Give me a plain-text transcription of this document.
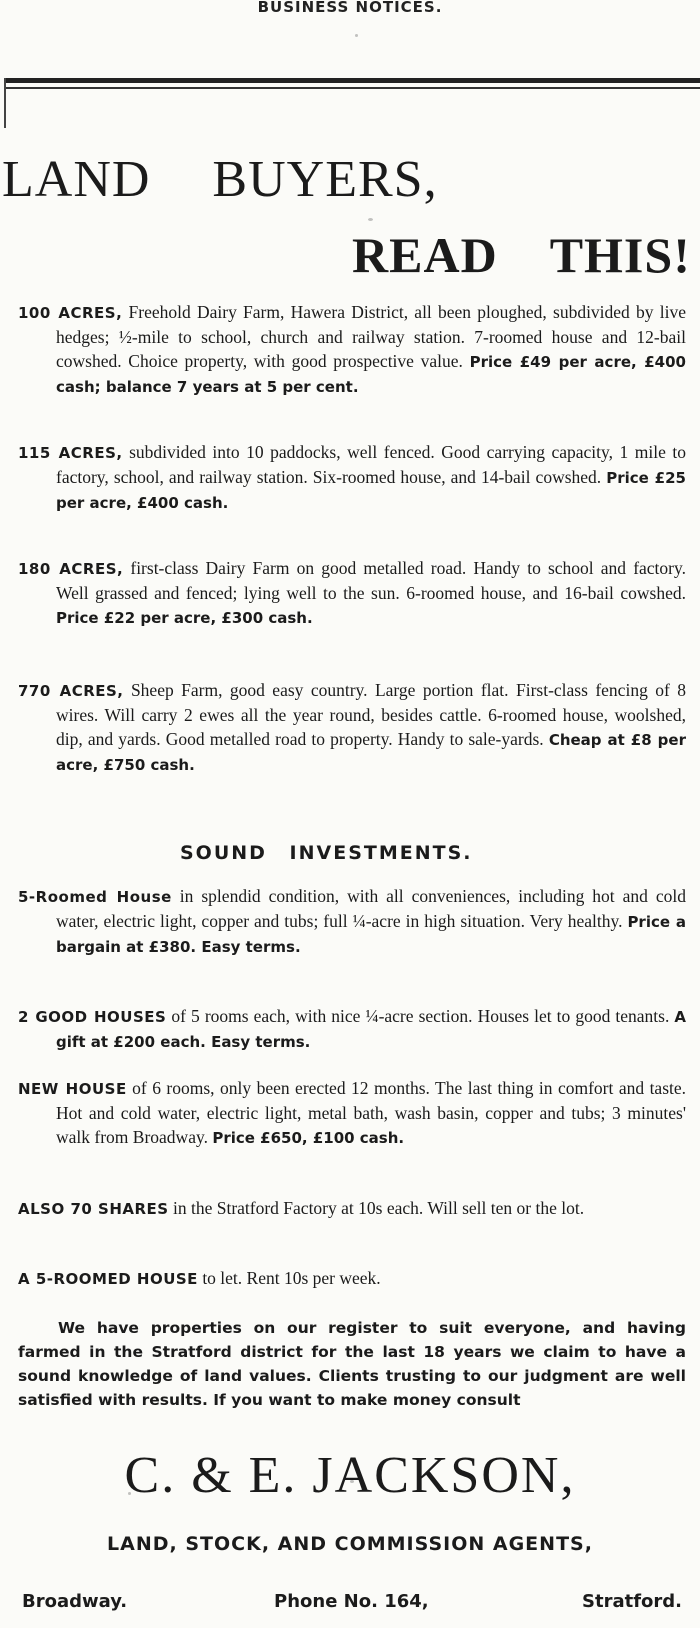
BUSINESS NOTICES.
LAND BUYERS,
READ THIS!

100 ACRES, Freehold Dairy Farm, Hawera District, all been ploughed, subdivided by live hedges; ½-mile to school, church and railway station. 7-roomed house and 12-bail cowshed. Choice property, with good prospective value. Price £49 per acre, £400 cash; balance 7 years at 5 per cent.

115 ACRES, subdivided into 10 paddocks, well fenced. Good carrying capacity, 1 mile to factory, school, and railway station. Six-roomed house, and 14-bail cowshed. Price £25 per acre, £400 cash.

180 ACRES, first-class Dairy Farm on good metalled road. Handy to school and factory. Well grassed and fenced; lying well to the sun. 6-roomed house, and 16-bail cowshed. Price £22 per acre, £300 cash.

770 ACRES, Sheep Farm, good easy country. Large portion flat. First-class fencing of 8 wires. Will carry 2 ewes all the year round, besides cattle. 6-roomed house, woolshed, dip, and yards. Good metalled road to property. Handy to sale-yards. Cheap at £8 per acre, £750 cash.

SOUND INVESTMENTS.

5-Roomed House in splendid condition, with all conveniences, including hot and cold water, electric light, copper and tubs; full ¼-acre in high situation. Very healthy. Price a bargain at £380. Easy terms.

2 GOOD HOUSES of 5 rooms each, with nice ¼-acre section. Houses let to good tenants. A gift at £200 each. Easy terms.

NEW HOUSE of 6 rooms, only been erected 12 months. The last thing in comfort and taste. Hot and cold water, electric light, metal bath, wash basin, copper and tubs; 3 minutes' walk from Broadway. Price £650, £100 cash.

ALSO 70 SHARES in the Stratford Factory at 10s each. Will sell ten or the lot.

A 5-ROOMED HOUSE to let. Rent 10s per week.

We have properties on our register to suit everyone, and having farmed in the Stratford district for the last 18 years we claim to have a sound knowledge of land values. Clients trusting to our judgment are well satisfied with results. If you want to make money consult
C. & E. JACKSON,
LAND, STOCK, AND COMMISSION AGENTS,
Broadway.	Phone No. 164,	Stratford.
